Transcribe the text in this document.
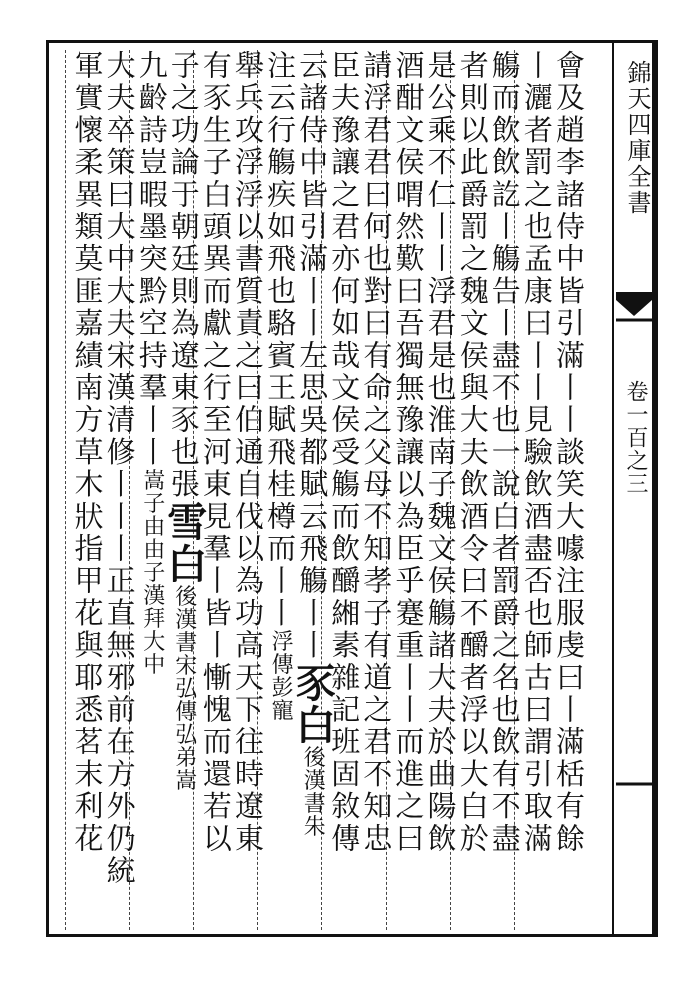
錦天四庫全書
卷一百之三
會及趙李諸侍中皆引滿丨丨談笑大噱注服虔曰丨滿栝有餘
丨灑者罰之也孟康曰丨丨見驗飲酒盡否也師古曰謂引取滿
觴而飲飲訖丨觴告丨盡不也一說白者罰爵之名也飲有不盡
者則以此爵罰之魏文侯與大夫飲酒令曰不釂者浮以大白於
是公乘不仁丨丨浮君是也淮南子魏文侯觴諸大夫於曲陽飲
酒酣文侯喟然歎曰吾獨無豫讓以為臣乎蹇重丨丨而進之曰
請浮君君曰何也對曰有命之父母不知孝子有道之君不知忠
臣夫豫讓之君亦何如哉文侯受觴而飲釂緗素雜記班固敘傳
云諸侍中皆引滿丨丨左思吳都賦云飛觴丨丨豕白後漢書朱
注云行觴疾如飛也駱賓王賦飛桂樽而丨丨浮傳彭寵
舉兵攻浮浮以書質責之曰伯通自伐以為功高天下往時遼東
有豕生子白頭異而獻之行至河東見羣丨皆丨慚愧而還若以
子之功論于朝廷則為遼東豕也張雪白後漢書宋弘傳弘弟嵩
九齡詩豈暇墨突黔空持羣丨丨嵩子由由子漢拜大中
大夫卒策曰大中大夫宋漢清修丨丨丨正直無邪前在方外仍統
軍實懷柔異類莫匪嘉績南方草木狀指甲花與耶悉茗末利花
